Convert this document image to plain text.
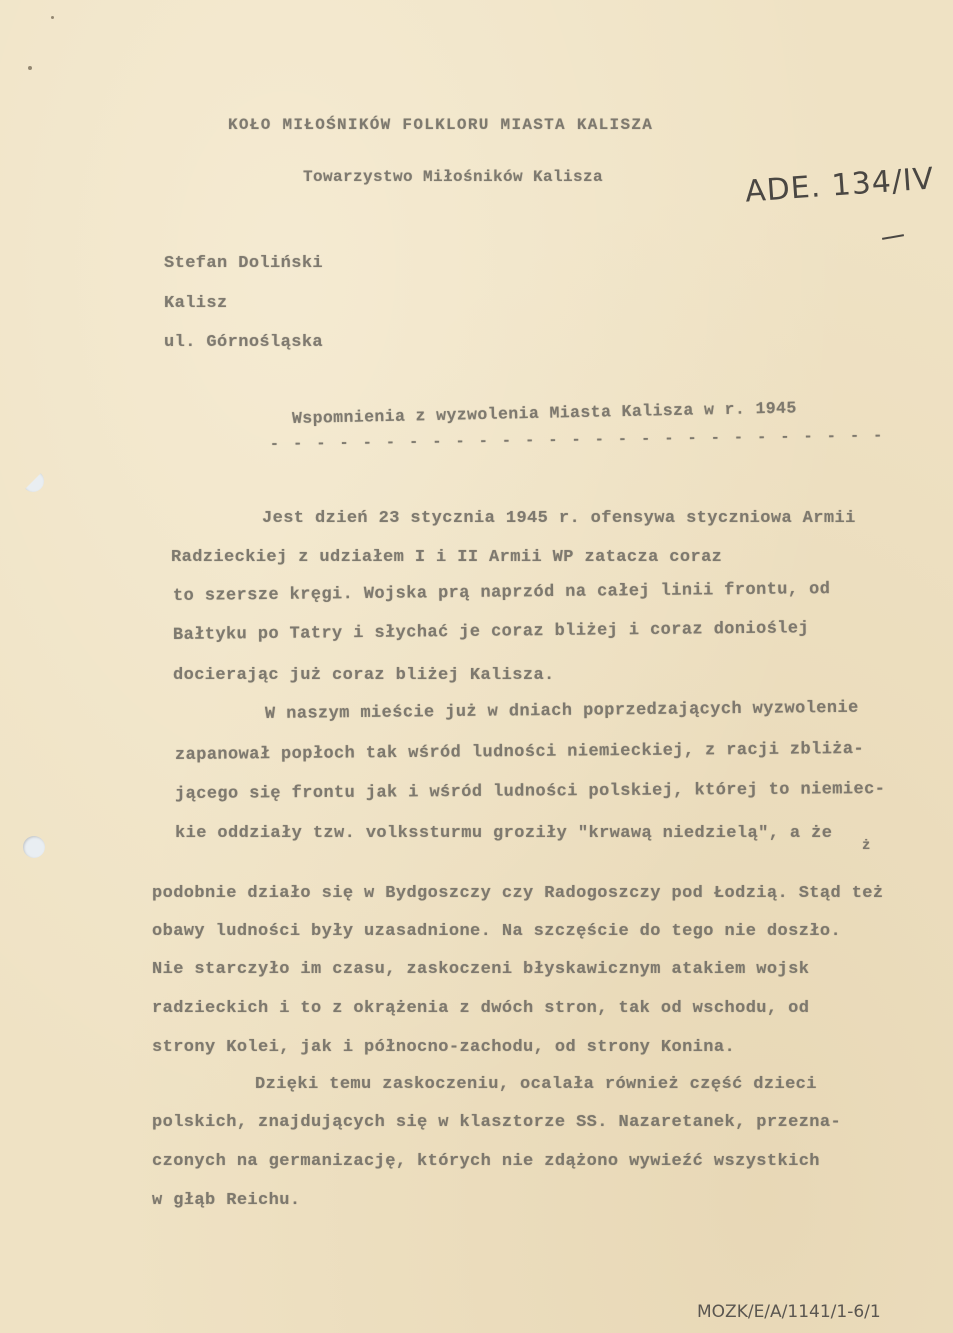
KOŁO MIŁOŚNIKÓW FOLKLORU MIASTA KALISZA
Towarzystwo Miłośników Kalisza	ADE. 134/IV
Stefan Doliński
Kalisz
ul. Górnośląska
Wspomnienia z wyzwolenia Miasta Kalisza w r. 1945
- - - - - - - - - - - - - - - - - - - - - - - - - - -
Jest dzień 23 stycznia 1945 r. ofensywa styczniowa Armii
Radzieckiej z udziałem I i II Armii WP zatacza coraz
to szersze kręgi. Wojska prą naprzód na całej linii frontu, od
Bałtyku po Tatry i słychać je coraz bliżej i coraz donioślej
docierając już coraz bliżej Kalisza.
W naszym mieście już w dniach poprzedzających wyzwolenie
zapanował popłoch tak wśród ludności niemieckiej, z racji zbliża-
jącego się frontu jak i wśród ludności polskiej, której to niemiec-
kie oddziały tzw. volkssturmu groziły "krwawą niedzielą", a że
ż
podobnie działo się w Bydgoszczy czy Radogoszczy pod Łodzią. Stąd też
obawy ludności były uzasadnione. Na szczęście do tego nie doszło.
Nie starczyło im czasu, zaskoczeni błyskawicznym atakiem wojsk
radzieckich i to z okrążenia z dwóch stron, tak od wschodu, od
strony Kolei, jak i północno-zachodu, od strony Konina.
Dzięki temu zaskoczeniu, ocalała również część dzieci
polskich, znajdujących się w klasztorze SS. Nazaretanek, przezna-
czonych na germanizację, których nie zdążono wywieźć wszystkich
w głąb Reichu.
MOZK/E/A/1141/1-6/1
